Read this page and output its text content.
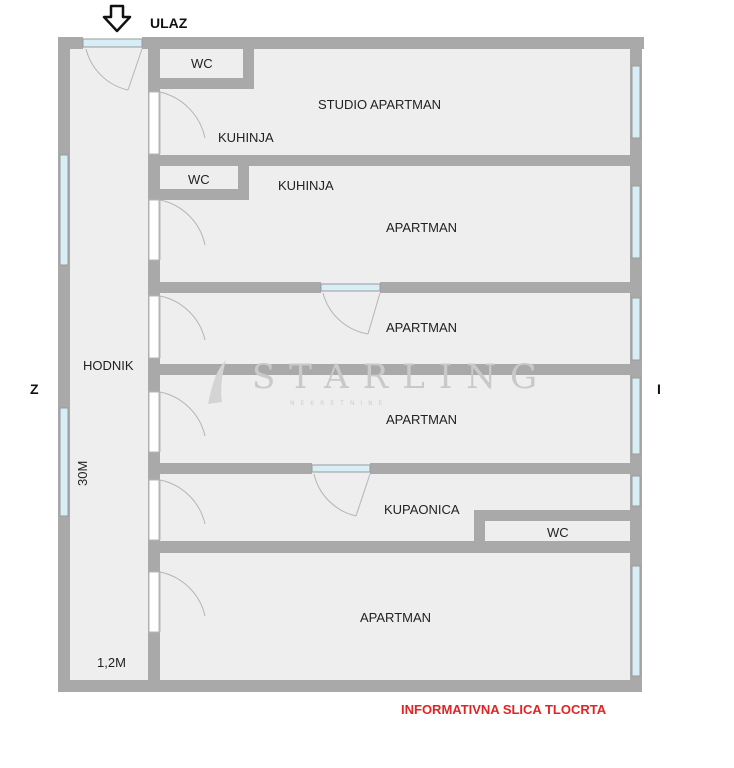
STARLING
NEKRETNINE
ULAZ
Z	I
WC
STUDIO APARTMAN
KUHINJA
WC	KUHINJA
APARTMAN
APARTMAN
HODNIK
APARTMAN
KUPAONICA
WC
APARTMAN
30M
1,2M
INFORMATIVNA SLICA TLOCRTA
